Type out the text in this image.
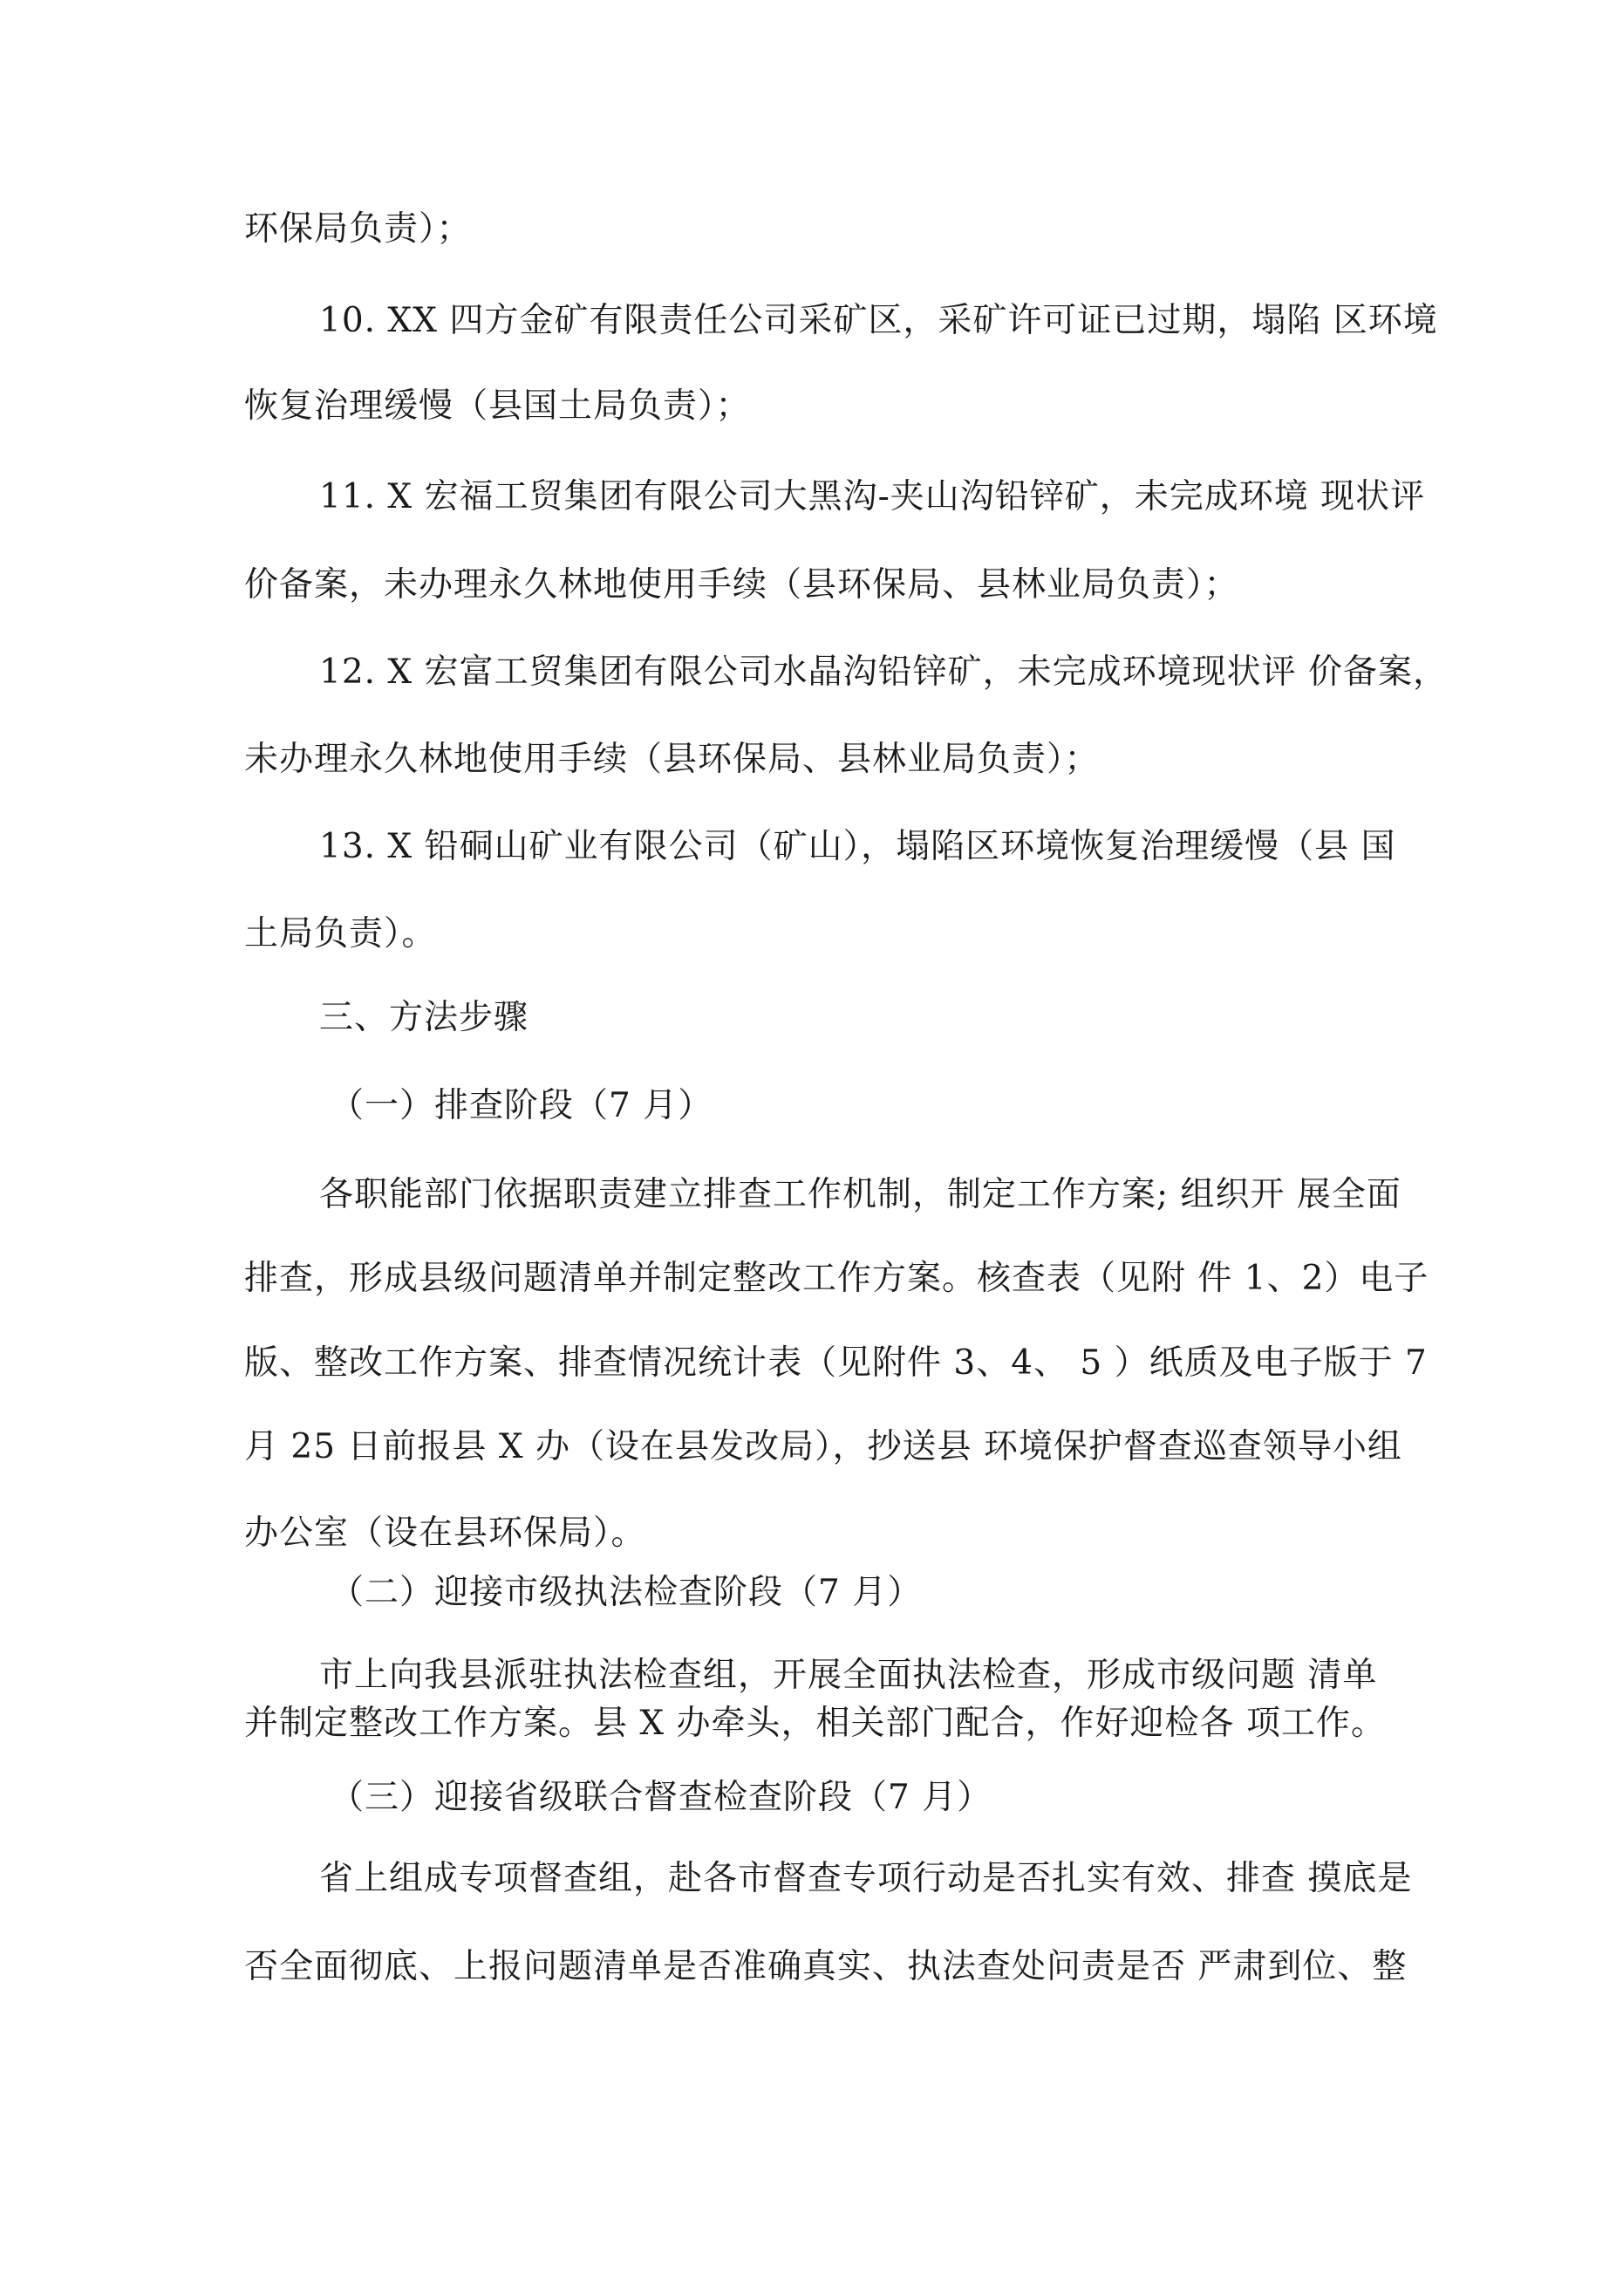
环保局负责）；

10. XX 四方金矿有限责任公司采矿区，采矿许可证已过期，塌陷 区环境

恢复治理缓慢（县国土局负责）；

11. X 宏福工贸集团有限公司大黑沟-夹山沟铅锌矿，未完成环境 现状评

价备案，未办理永久林地使用手续（县环保局、县林业局负责）；

12. X 宏富工贸集团有限公司水晶沟铅锌矿，未完成环境现状评 价备案，

未办理永久林地使用手续（县环保局、县林业局负责）；

13. X 铅硐山矿业有限公司（矿山），塌陷区环境恢复治理缓慢（县 国

土局负责）。

三、方法步骤

（一）排查阶段（7 月）

各职能部门依据职责建立排查工作机制，制定工作方案; 组织开 展全面

排查，形成县级问题清单并制定整改工作方案。核查表（见附 件 1、2）电子

版、整改工作方案、排查情况统计表（见附件 3、4、 5 ）纸质及电子版于 7

月 25 日前报县 X 办（设在县发改局），抄送县 环境保护督查巡查领导小组

办公室（设在县环保局）。

（二）迎接市级执法检查阶段（7 月）

市上向我县派驻执法检查组，开展全面执法检查，形成市级问题 清单

并制定整改工作方案。县 X 办牵头，相关部门配合，作好迎检各 项工作。

（三）迎接省级联合督查检查阶段（7 月）

省上组成专项督查组，赴各市督查专项行动是否扎实有效、排查 摸底是

否全面彻底、上报问题清单是否准确真实、执法查处问责是否 严肃到位、整
